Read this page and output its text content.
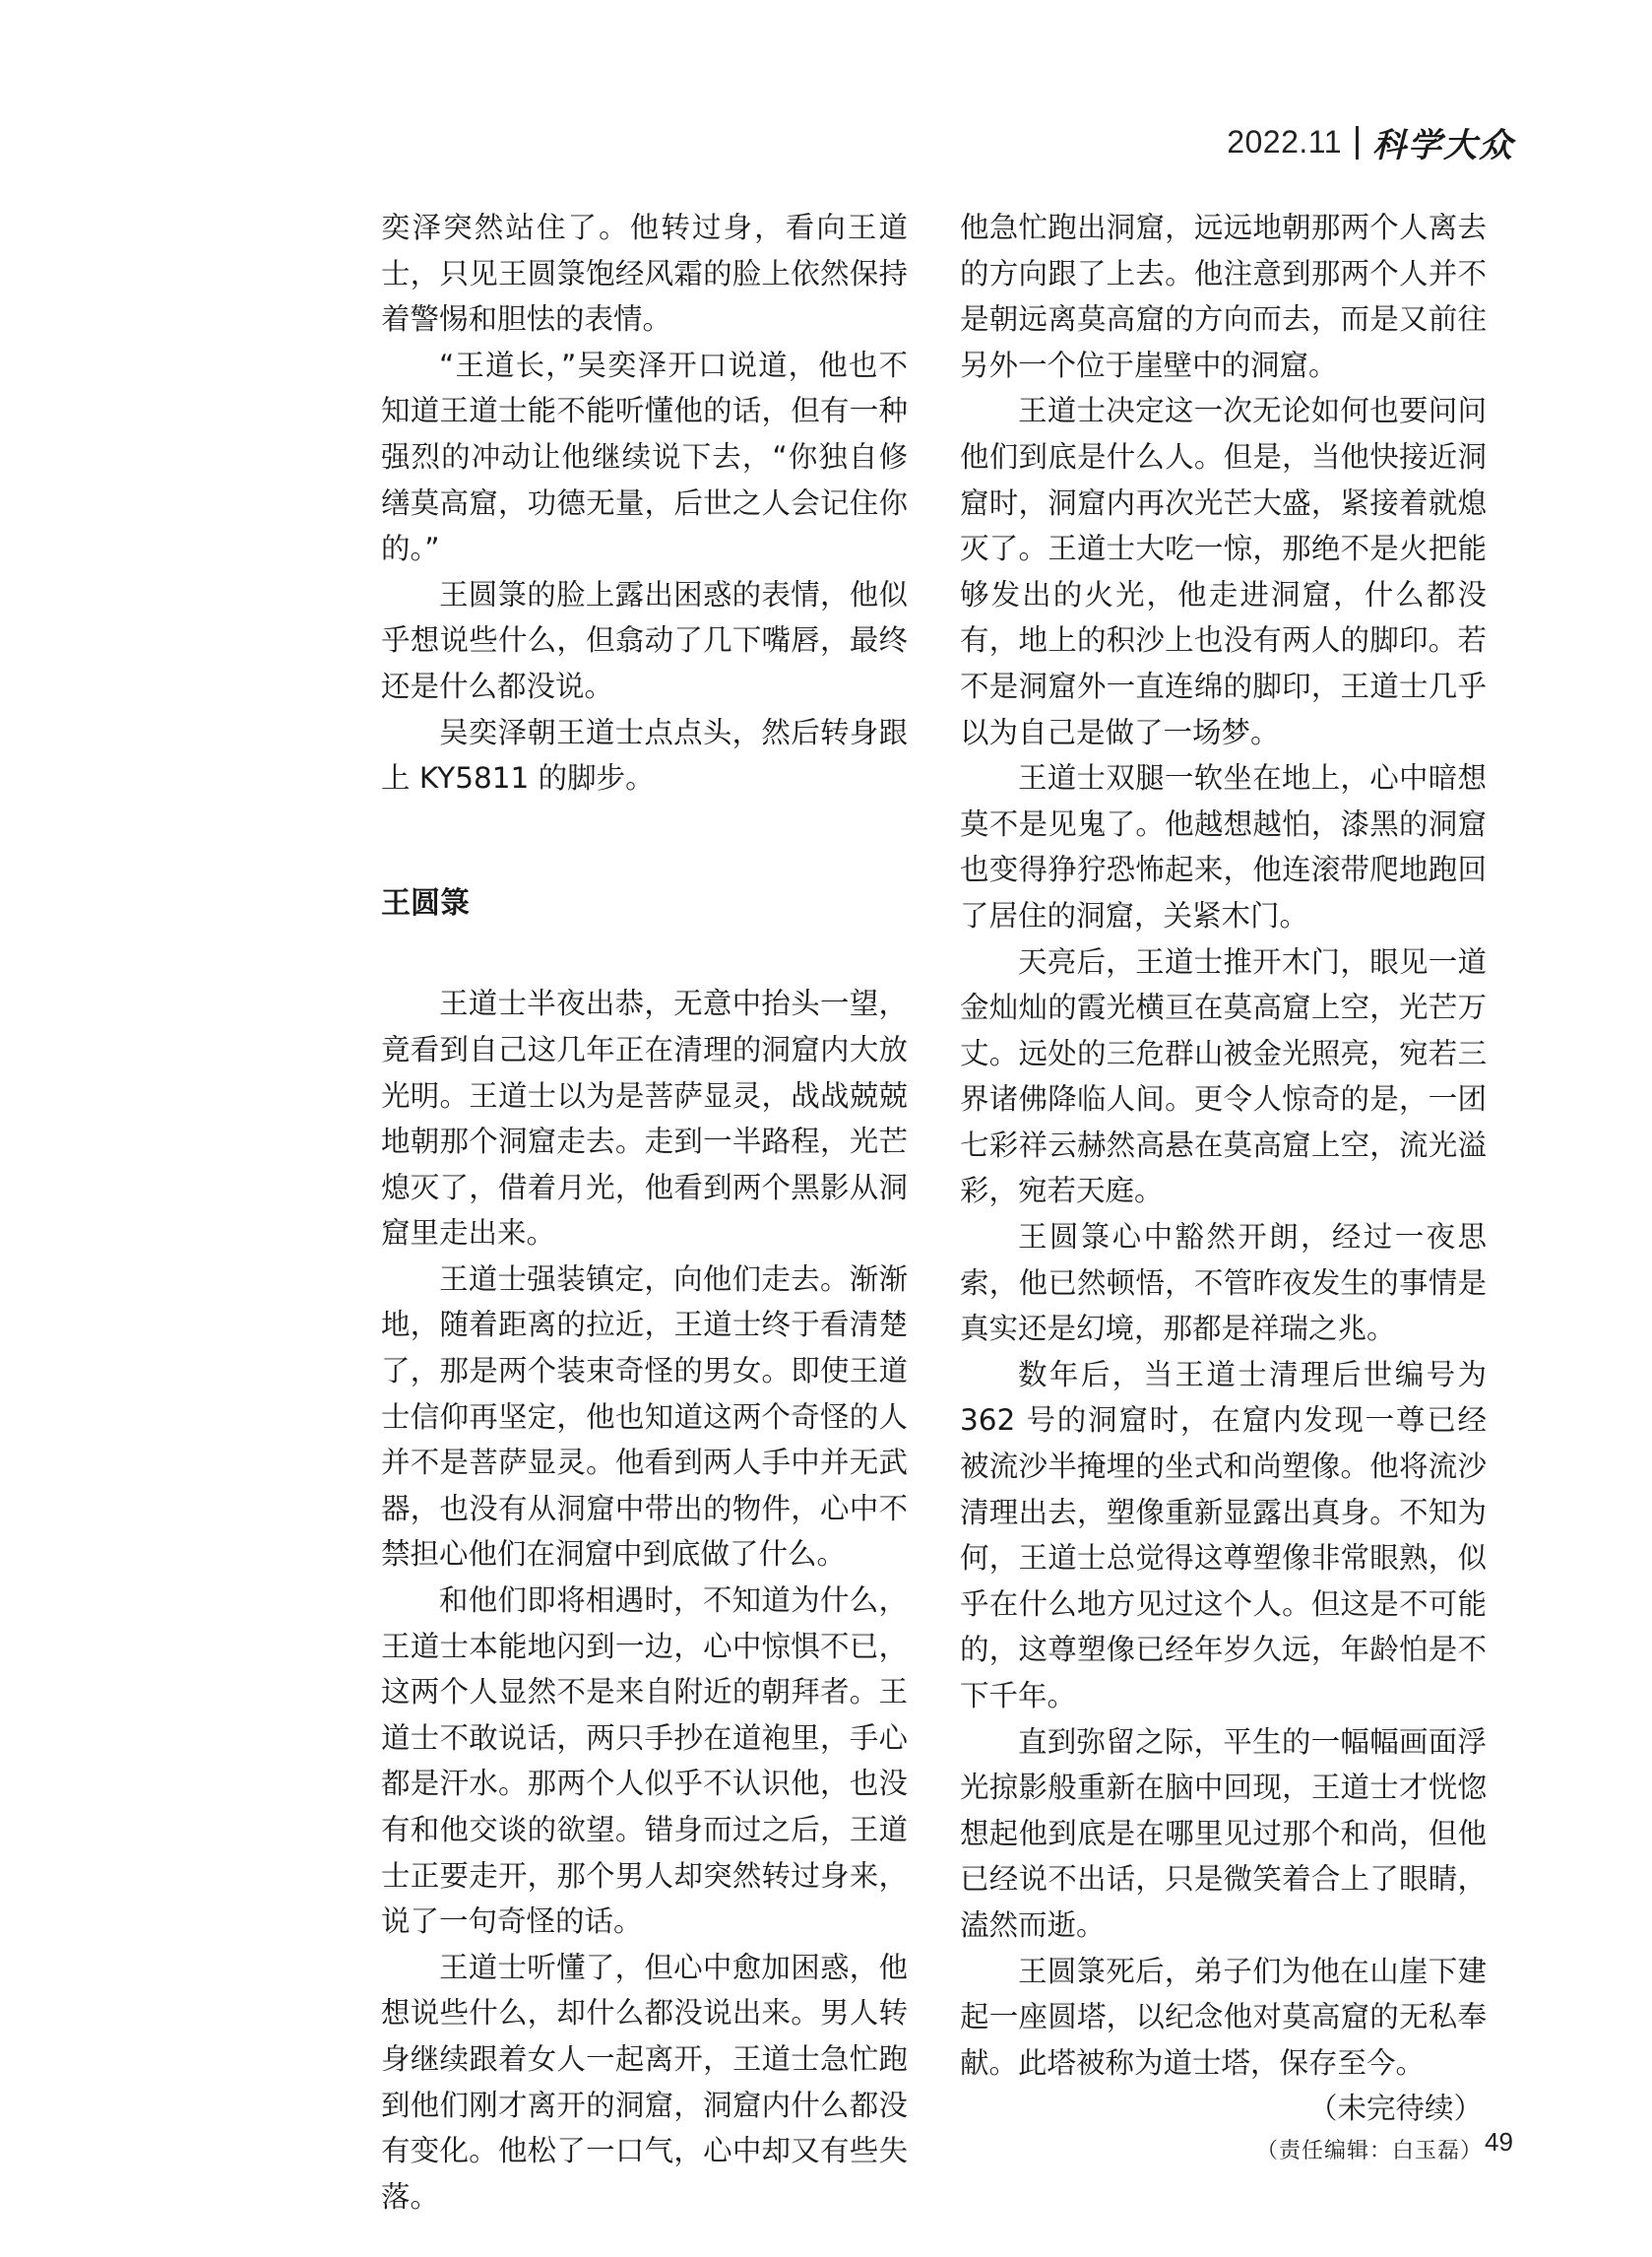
2022.11 科学大众

奕泽突然站住了。他转过身，看向王道士，只见王圆箓饱经风霜的脸上依然保持着警惕和胆怯的表情。

“王道长，”吴奕泽开口说道，他也不知道王道士能不能听懂他的话，但有一种强烈的冲动让他继续说下去，“你独自修缮莫高窟，功德无量，后世之人会记住你的。”

王圆箓的脸上露出困惑的表情，他似乎想说些什么，但翕动了几下嘴唇，最终还是什么都没说。

吴奕泽朝王道士点点头，然后转身跟上 KY5811 的脚步。

王圆箓

王道士半夜出恭，无意中抬头一望，竟看到自己这几年正在清理的洞窟内大放光明。王道士以为是菩萨显灵，战战兢兢地朝那个洞窟走去。走到一半路程，光芒熄灭了，借着月光，他看到两个黑影从洞窟里走出来。

王道士强装镇定，向他们走去。渐渐地，随着距离的拉近，王道士终于看清楚了，那是两个装束奇怪的男女。即使王道士信仰再坚定，他也知道这两个奇怪的人并不是菩萨显灵。他看到两人手中并无武器，也没有从洞窟中带出的物件，心中不禁担心他们在洞窟中到底做了什么。

和他们即将相遇时，不知道为什么，王道士本能地闪到一边，心中惊惧不已，这两个人显然不是来自附近的朝拜者。王道士不敢说话，两只手抄在道袍里，手心都是汗水。那两个人似乎不认识他，也没有和他交谈的欲望。错身而过之后，王道士正要走开，那个男人却突然转过身来，说了一句奇怪的话。

王道士听懂了，但心中愈加困惑，他想说些什么，却什么都没说出来。男人转身继续跟着女人一起离开，王道士急忙跑到他们刚才离开的洞窟，洞窟内什么都没有变化。他松了一口气，心中却又有些失落。

他急忙跑出洞窟，远远地朝那两个人离去的方向跟了上去。他注意到那两个人并不是朝远离莫高窟的方向而去，而是又前往另外一个位于崖壁中的洞窟。

王道士决定这一次无论如何也要问问他们到底是什么人。但是，当他快接近洞窟时，洞窟内再次光芒大盛，紧接着就熄灭了。王道士大吃一惊，那绝不是火把能够发出的火光，他走进洞窟，什么都没有，地上的积沙上也没有两人的脚印。若不是洞窟外一直连绵的脚印，王道士几乎以为自己是做了一场梦。

王道士双腿一软坐在地上，心中暗想莫不是见鬼了。他越想越怕，漆黑的洞窟也变得狰狞恐怖起来，他连滚带爬地跑回了居住的洞窟，关紧木门。

天亮后，王道士推开木门，眼见一道金灿灿的霞光横亘在莫高窟上空，光芒万丈。远处的三危群山被金光照亮，宛若三界诸佛降临人间。更令人惊奇的是，一团七彩祥云赫然高悬在莫高窟上空，流光溢彩，宛若天庭。

王圆箓心中豁然开朗，经过一夜思索，他已然顿悟，不管昨夜发生的事情是真实还是幻境，那都是祥瑞之兆。

数年后，当王道士清理后世编号为 362 号的洞窟时，在窟内发现一尊已经被流沙半掩埋的坐式和尚塑像。他将流沙清理出去，塑像重新显露出真身。不知为何，王道士总觉得这尊塑像非常眼熟，似乎在什么地方见过这个人。但这是不可能的，这尊塑像已经年岁久远，年龄怕是不下千年。

直到弥留之际，平生的一幅幅画面浮光掠影般重新在脑中回现，王道士才恍惚想起他到底是在哪里见过那个和尚，但他已经说不出话，只是微笑着合上了眼睛，溘然而逝。

王圆箓死后，弟子们为他在山崖下建起一座圆塔，以纪念他对莫高窟的无私奉献。此塔被称为道士塔，保存至今。

（未完待续）
（责任编辑：白玉磊） 49
